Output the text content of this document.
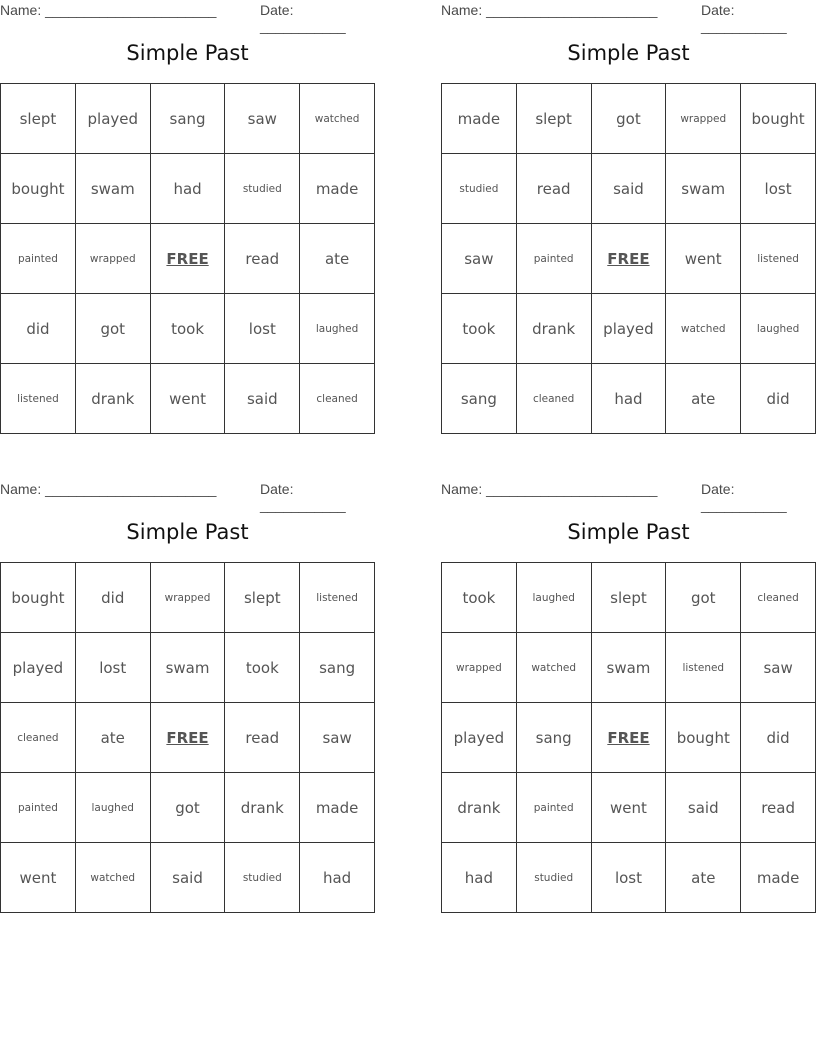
Name: ______________________	Date: ___________
Simple Past
slept	played	sang	saw	watched
bought	swam	had	studied	made
painted	wrapped	FREE	read	ate
did	got	took	lost	laughed
listened	drank	went	said	cleaned
Name: ______________________	Date: ___________
Simple Past
made	slept	got	wrapped	bought
studied	read	said	swam	lost
saw	painted	FREE	went	listened
took	drank	played	watched	laughed
sang	cleaned	had	ate	did
Name: ______________________	Date: ___________
Simple Past
bought	did	wrapped	slept	listened
played	lost	swam	took	sang
cleaned	ate	FREE	read	saw
painted	laughed	got	drank	made
went	watched	said	studied	had
Name: ______________________	Date: ___________
Simple Past
took	laughed	slept	got	cleaned
wrapped	watched	swam	listened	saw
played	sang	FREE	bought	did
drank	painted	went	said	read
had	studied	lost	ate	made
